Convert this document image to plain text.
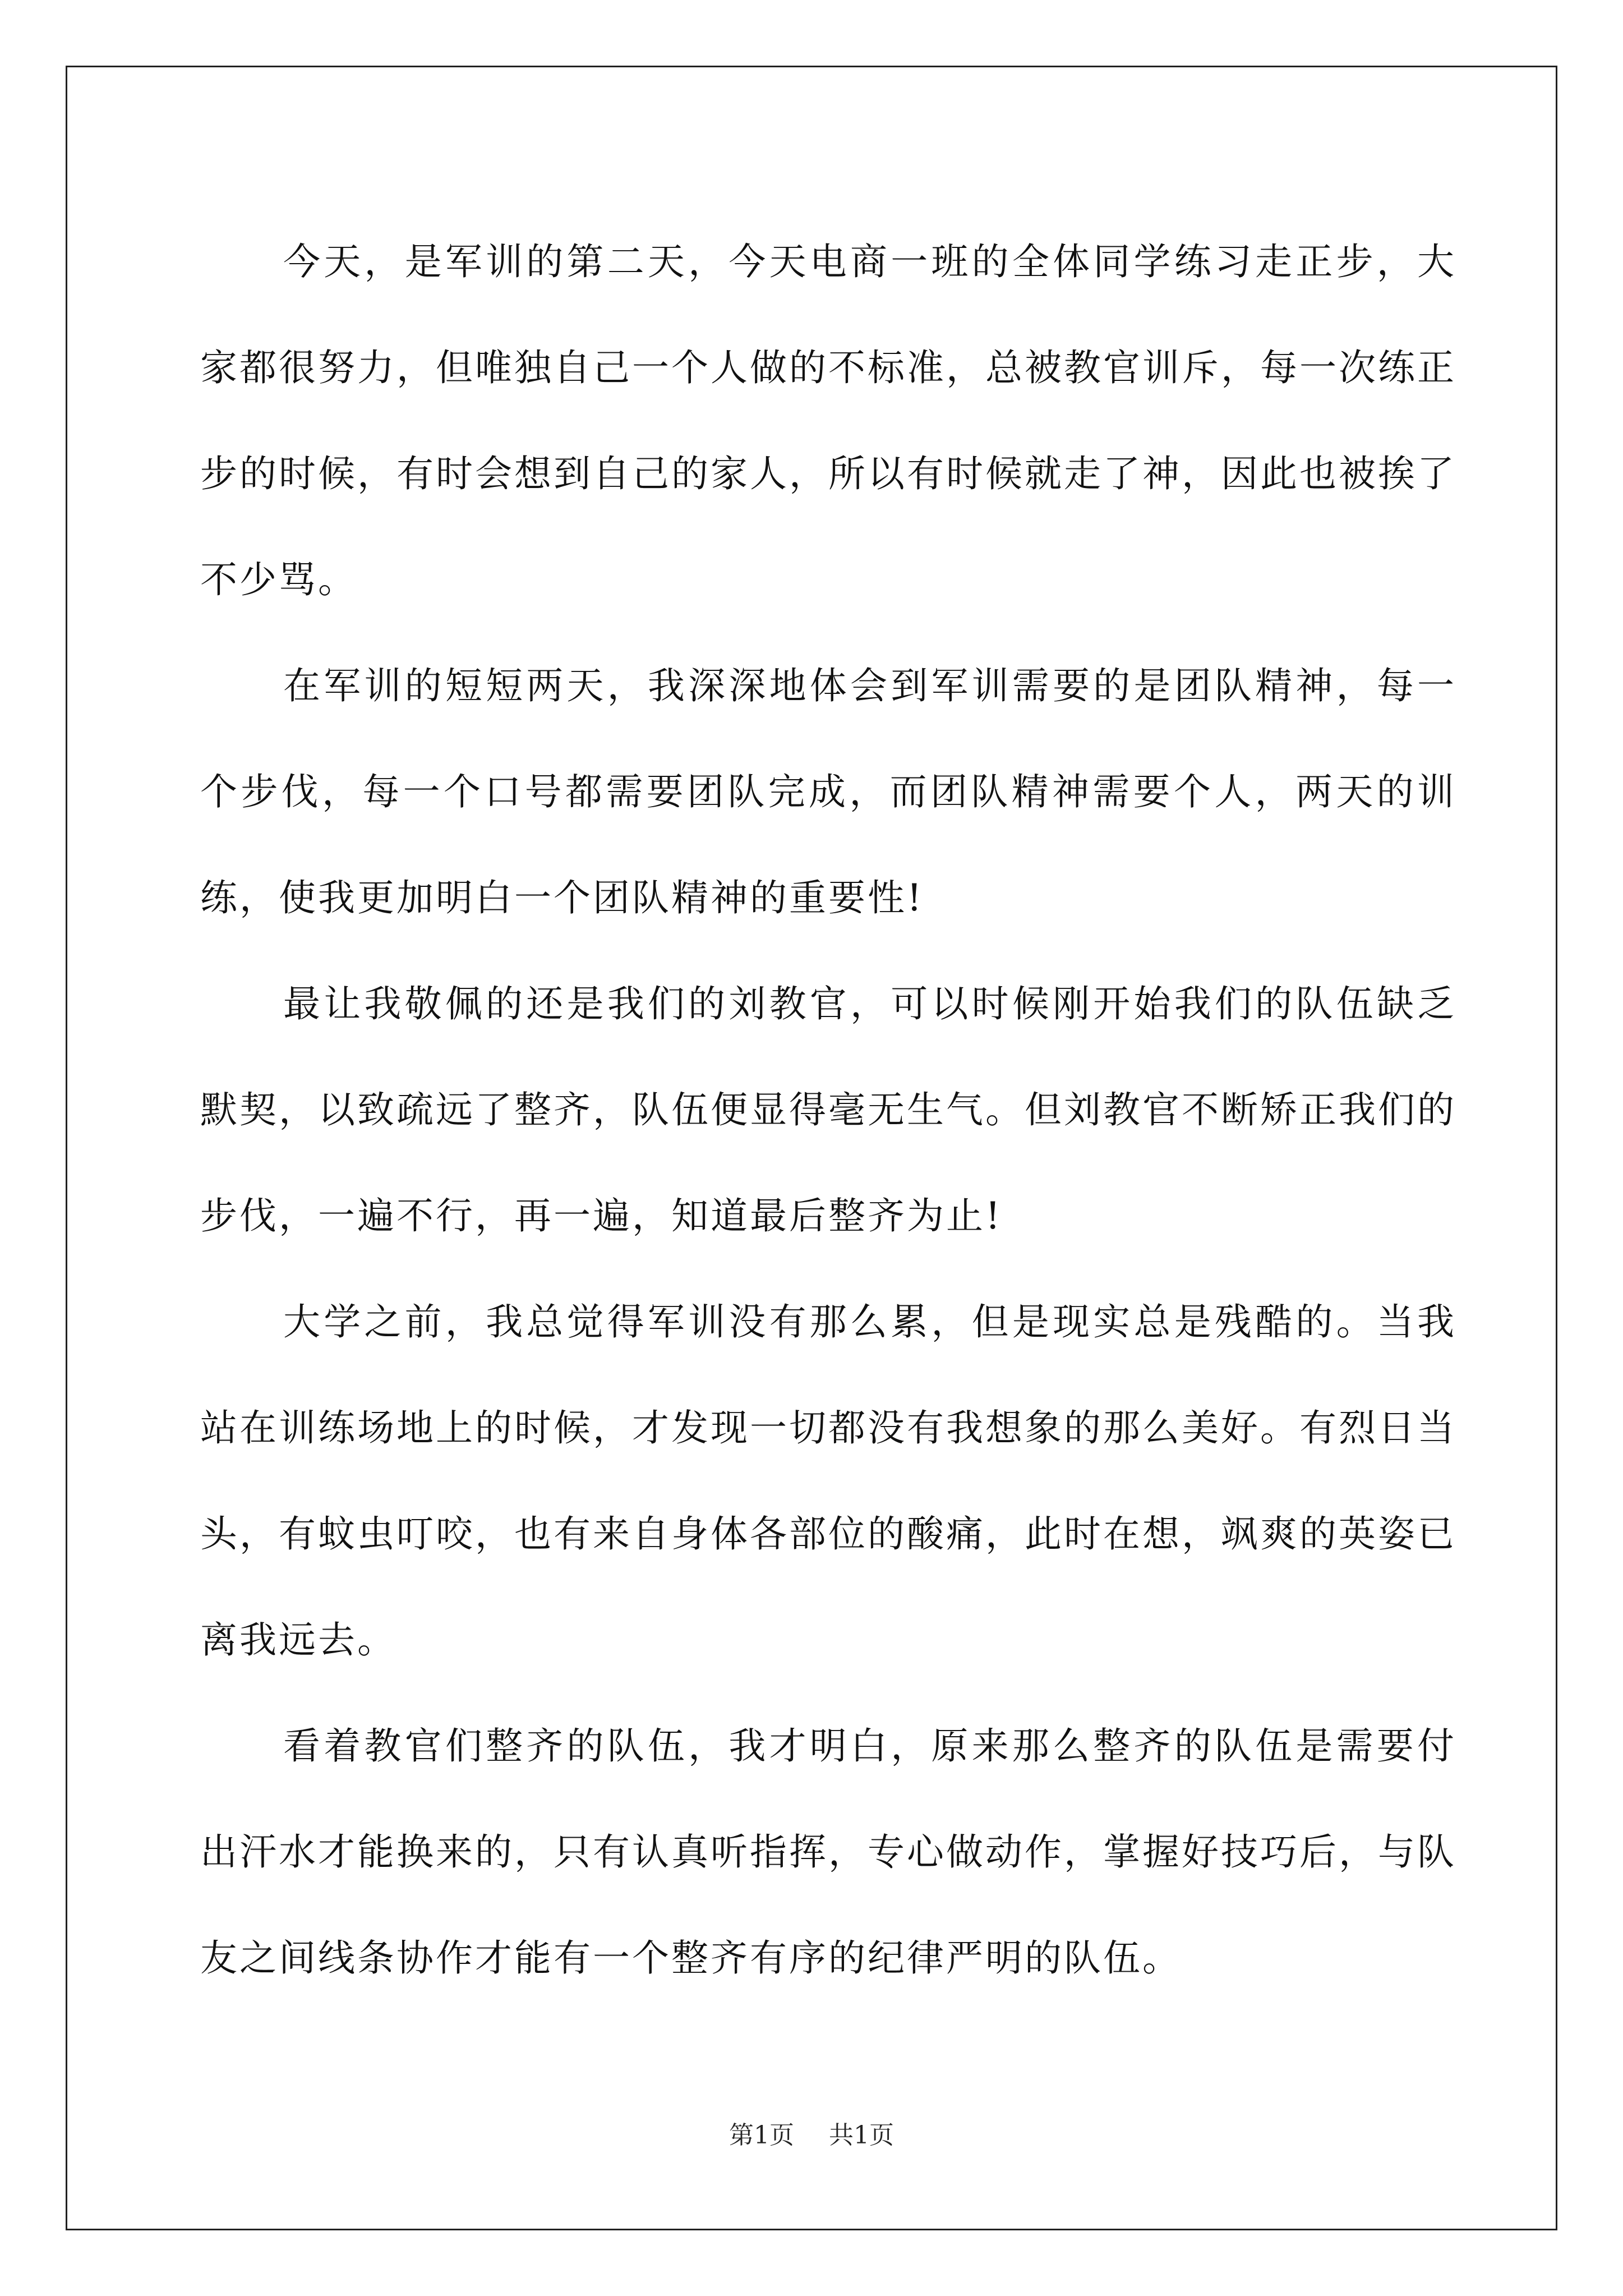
今天，是军训的第二天，今天电商一班的全体同学练习走正步，大家都很努力，但唯独自己一个人做的不标准，总被教官训斥，每一次练正步的时候，有时会想到自己的家人，所以有时候就走了神，因此也被挨了不少骂。

在军训的短短两天，我深深地体会到军训需要的是团队精神，每一个步伐，每一个口号都需要团队完成，而团队精神需要个人，两天的训练，使我更加明白一个团队精神的重要性!

最让我敬佩的还是我们的刘教官，可以时候刚开始我们的队伍缺乏默契，以致疏远了整齐，队伍便显得毫无生气。但刘教官不断矫正我们的步伐，一遍不行，再一遍，知道最后整齐为止!

大学之前，我总觉得军训没有那么累，但是现实总是残酷的。当我站在训练场地上的时候，才发现一切都没有我想象的那么美好。有烈日当头，有蚊虫叮咬，也有来自身体各部位的酸痛，此时在想，飒爽的英姿已离我远去。

看着教官们整齐的队伍，我才明白，原来那么整齐的队伍是需要付出汗水才能换来的，只有认真听指挥，专心做动作，掌握好技巧后，与队友之间线条协作才能有一个整齐有序的纪律严明的队伍。

第1页 共1页
